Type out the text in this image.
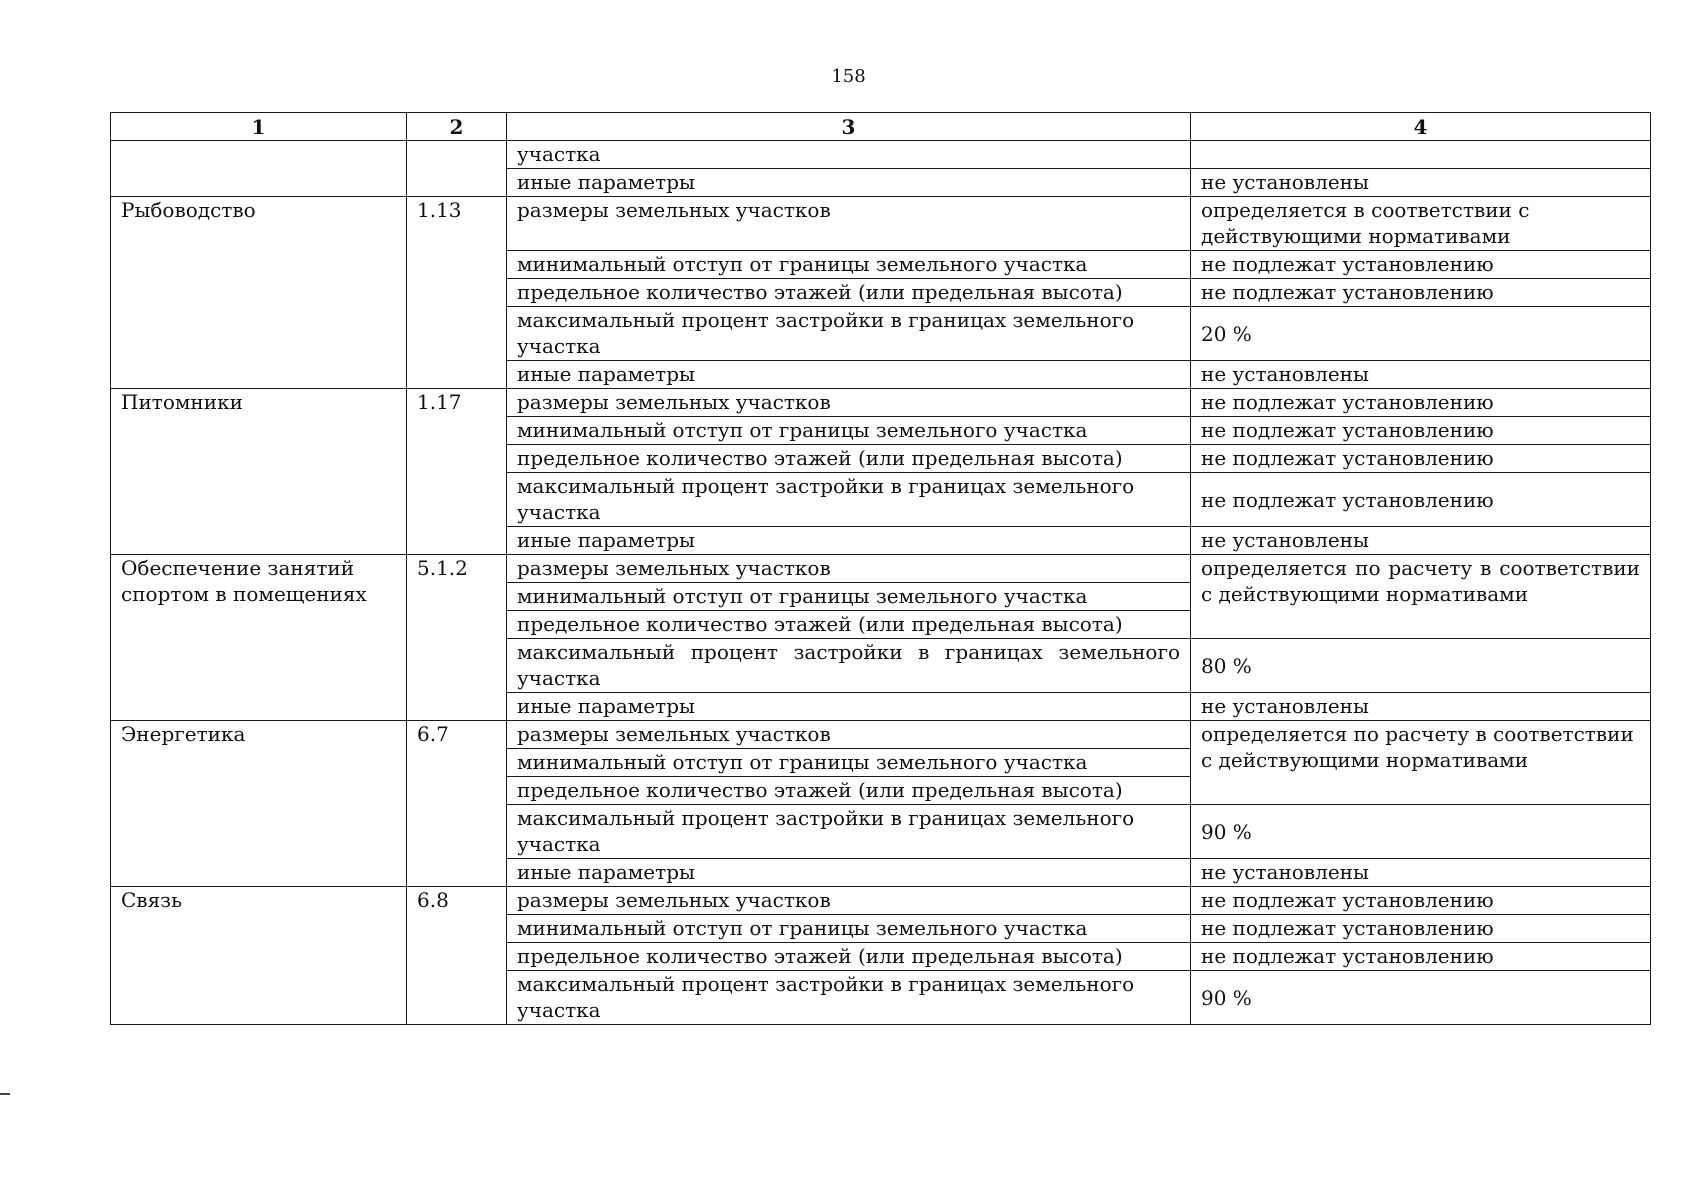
158
1	2	3	4
		участка	
		иные параметры	не установлены
Рыбоводство	1.13	размеры земельных участков	определяется в соответствии с действующими нормативами
		минимальный отступ от границы земельного участка	не подлежат установлению
		предельное количество этажей (или предельная высота)	не подлежат установлению
		максимальный процент застройки в границах земельного участка	20 %
		иные параметры	не установлены
Питомники	1.17	размеры земельных участков	не подлежат установлению
		минимальный отступ от границы земельного участка	не подлежат установлению
		предельное количество этажей (или предельная высота)	не подлежат установлению
		максимальный процент застройки в границах земельного участка	не подлежат установлению
		иные параметры	не установлены
Обеспечение занятий спортом в помещениях	5.1.2	размеры земельных участков	определяется по расчету в соответствии с действующими нормативами
		минимальный отступ от границы земельного участка	
		предельное количество этажей (или предельная высота)	
		максимальный процент застройки в границах земельного участка	80 %
		иные параметры	не установлены
Энергетика	6.7	размеры земельных участков	определяется по расчету в соответствии с действующими нормативами
		минимальный отступ от границы земельного участка	
		предельное количество этажей (или предельная высота)	
		максимальный процент застройки в границах земельного участка	90 %
		иные параметры	не установлены
Связь	6.8	размеры земельных участков	не подлежат установлению
		минимальный отступ от границы земельного участка	не подлежат установлению
		предельное количество этажей (или предельная высота)	не подлежат установлению
		максимальный процент застройки в границах земельного участка	90 %
